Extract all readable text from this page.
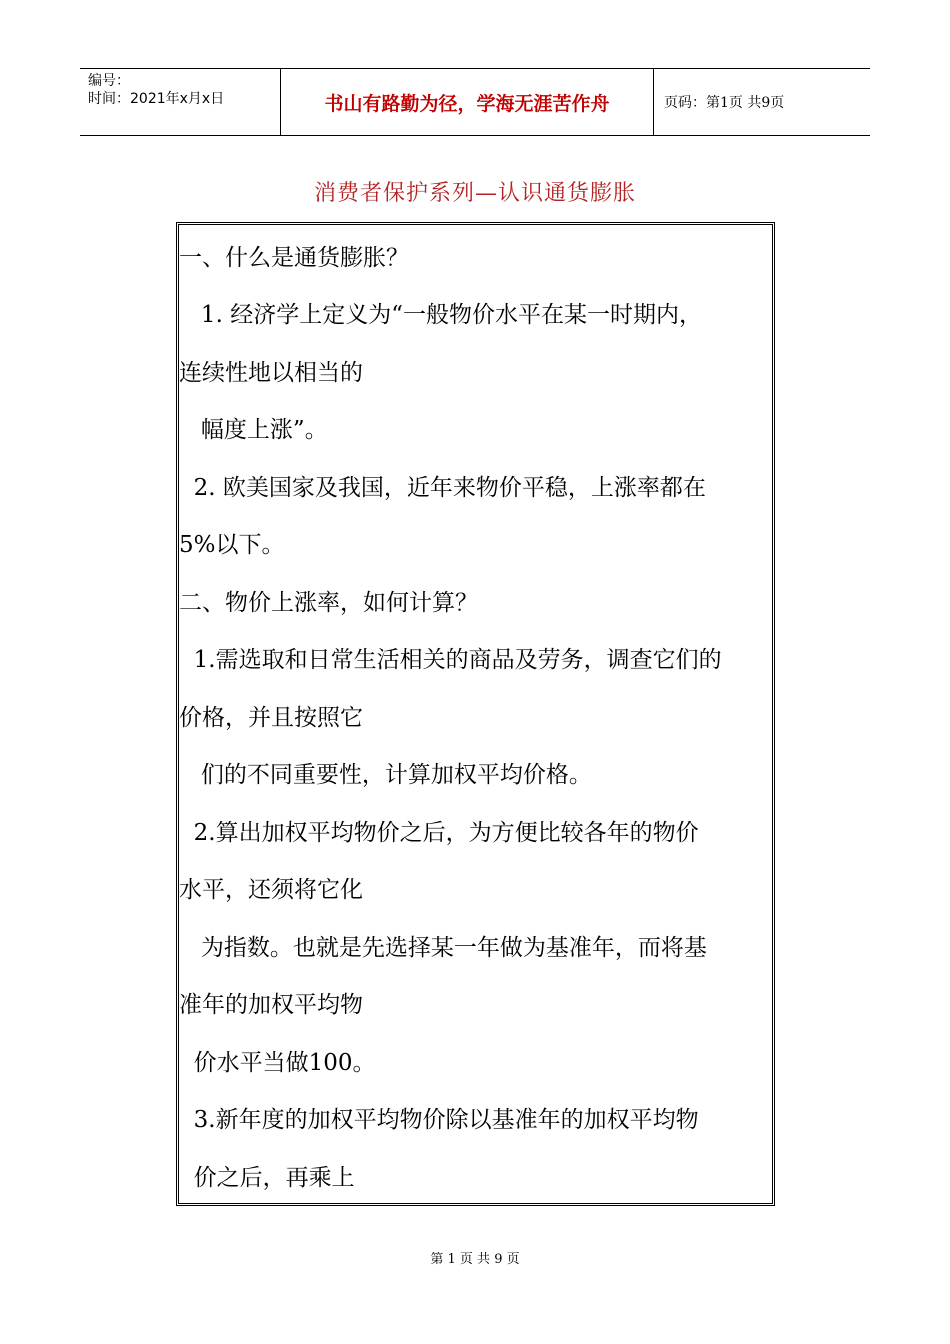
编号：
时间：2021年x月x日	书山有路勤为径，学海无涯苦作舟	页码：第1页 共9页
消费者保护系列—认识通货膨胀
一、什么是通货膨胀？
1. 经济学上定义为“一般物价水平在某一时期内，
连续性地以相当的
幅度上涨”。
2. 欧美国家及我国，近年来物价平稳，上涨率都在
5%以下。
二、物价上涨率，如何计算？
1.需选取和日常生活相关的商品及劳务，调查它们的
价格，并且按照它
们的不同重要性，计算加权平均价格。
2.算出加权平均物价之后，为方便比较各年的物价
水平，还须将它化
为指数。也就是先选择某一年做为基准年，而将基
准年的加权平均物
价水平当做100。
3.新年度的加权平均物价除以基准年的加权平均物
价之后，再乘上
第 1 页 共 9 页
